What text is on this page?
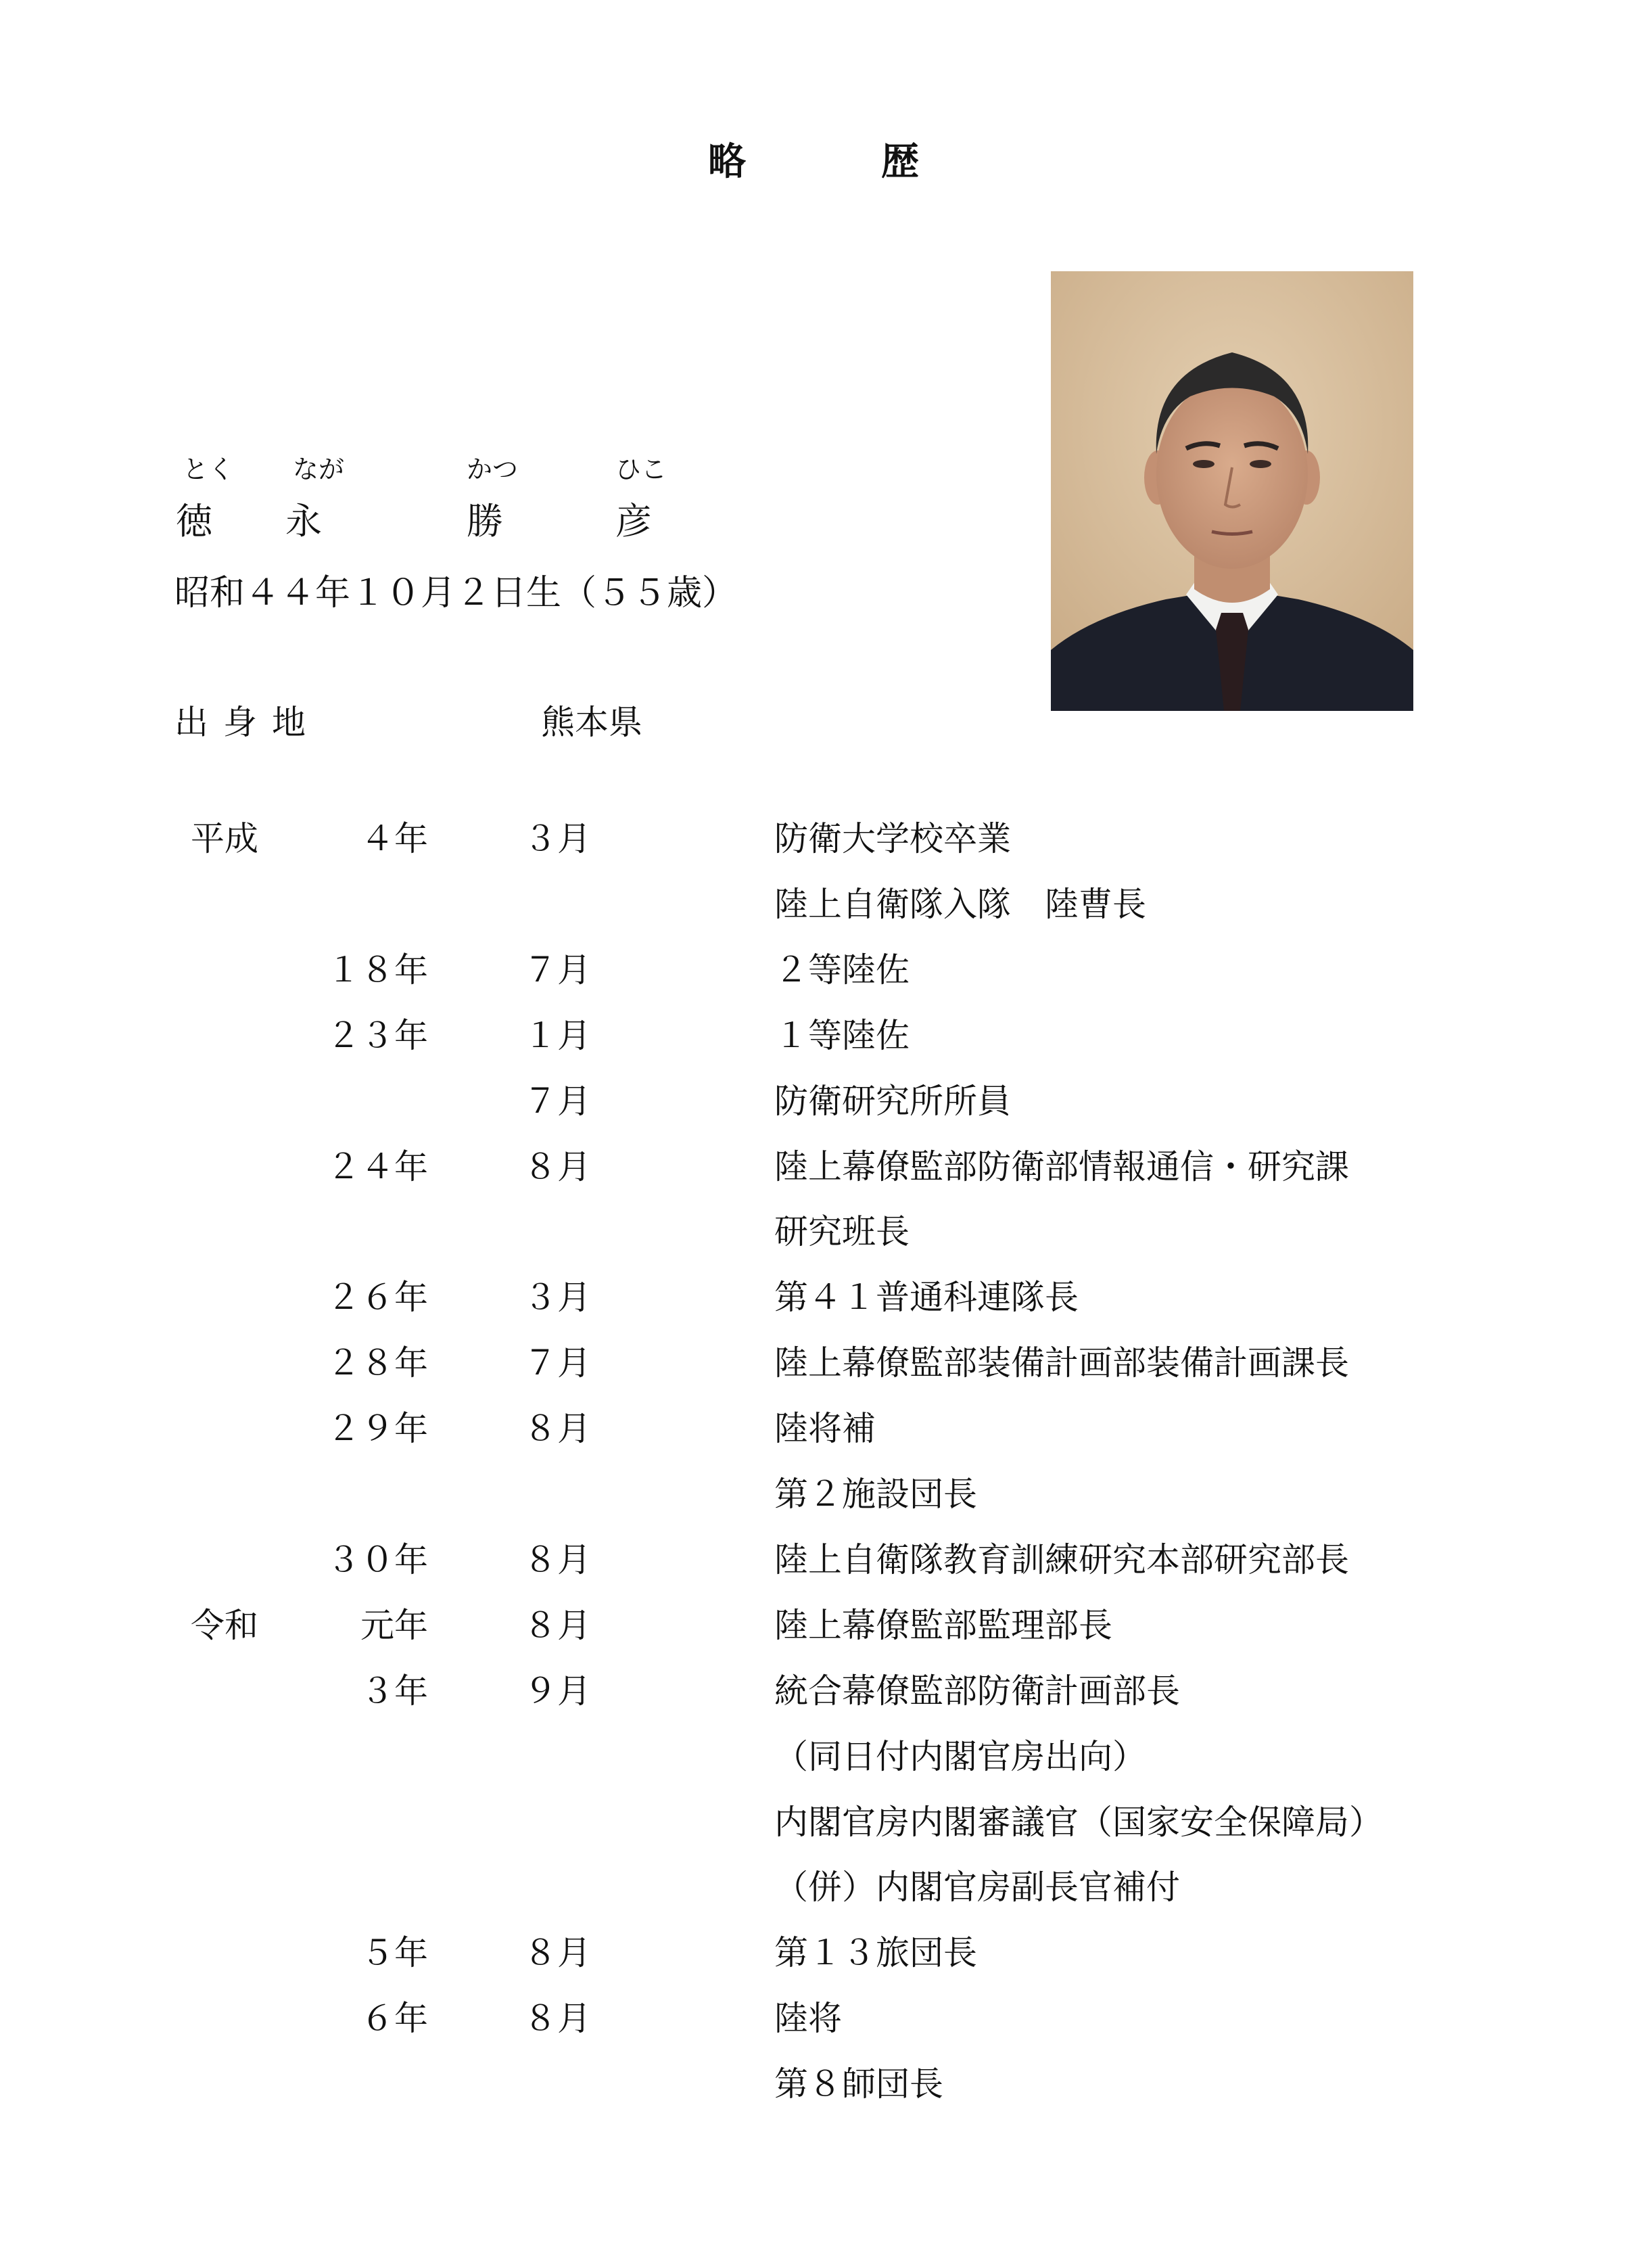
略	歴
とく なが	かつ	ひこ
徳 永	勝	彦
昭和４４年１０月２日生（５５歳）
出身地	熊本県
平成	４年	３月	防衛大学校卒業
陸上自衛隊入隊　陸曹長
１８年	７月	２等陸佐
２３年	１月	１等陸佐
７月	防衛研究所所員
２４年	８月	陸上幕僚監部防衛部情報通信・研究課
研究班長
２６年	３月	第４１普通科連隊長
２８年	７月	陸上幕僚監部装備計画部装備計画課長
２９年	８月	陸将補
第２施設団長
３０年	８月	陸上自衛隊教育訓練研究本部研究部長
令和	元年	８月	陸上幕僚監部監理部長
３年	９月	統合幕僚監部防衛計画部長
（同日付内閣官房出向）
内閣官房内閣審議官（国家安全保障局）
（併）内閣官房副長官補付
５年	８月	第１３旅団長
６年	８月	陸将
第８師団長
